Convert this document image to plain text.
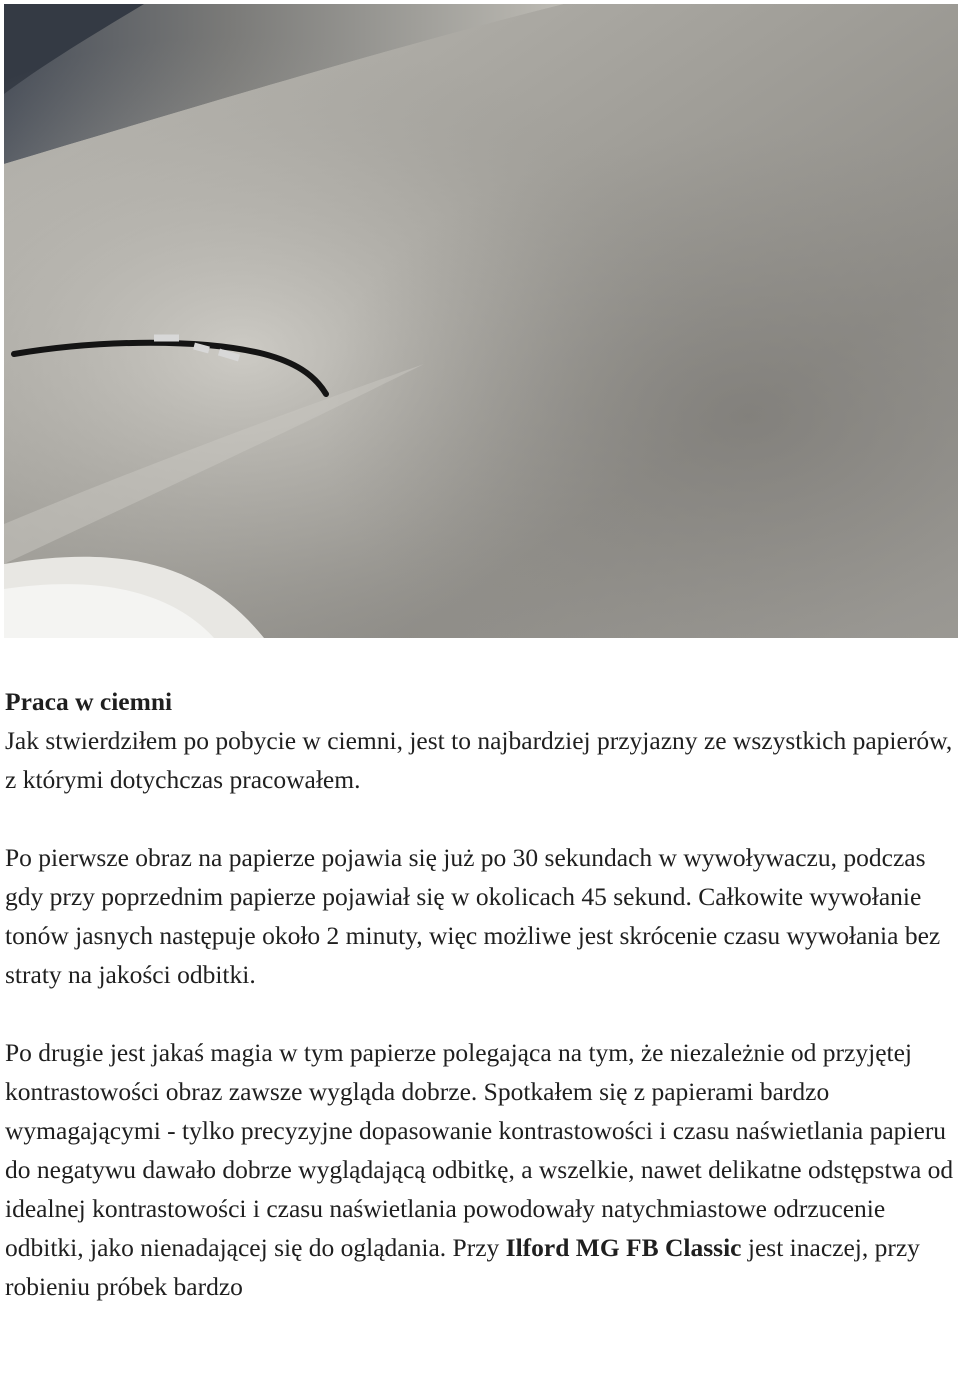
Praca w ciemni

Jak stwierdziłem po pobycie w ciemni, jest to najbardziej przyjazny ze wszystkich papierów, z którymi dotychczas pracowałem.

Po pierwsze obraz na papierze pojawia się już po 30 sekundach w wywoływaczu, podczas gdy przy poprzednim papierze pojawiał się w okolicach 45 sekund. Całkowite wywołanie tonów jasnych następuje około 2 minuty, więc możliwe jest skrócenie czasu wywołania bez straty na jakości odbitki.

Po drugie jest jakaś magia w tym papierze polegająca na tym, że niezależnie od przyjętej kontrastowości obraz zawsze wygląda dobrze. Spotkałem się z papierami bardzo wymagającymi - tylko precyzyjne dopasowanie kontrastowości i czasu naświetlania papieru do negatywu dawało dobrze wyglądającą odbitkę, a wszelkie, nawet delikatne odstępstwa od idealnej kontrastowości i czasu naświetlania powodowały natychmiastowe odrzucenie odbitki, jako nienadającej się do oglądania. Przy Ilford MG FB Classic jest inaczej, przy robieniu próbek bardzo
